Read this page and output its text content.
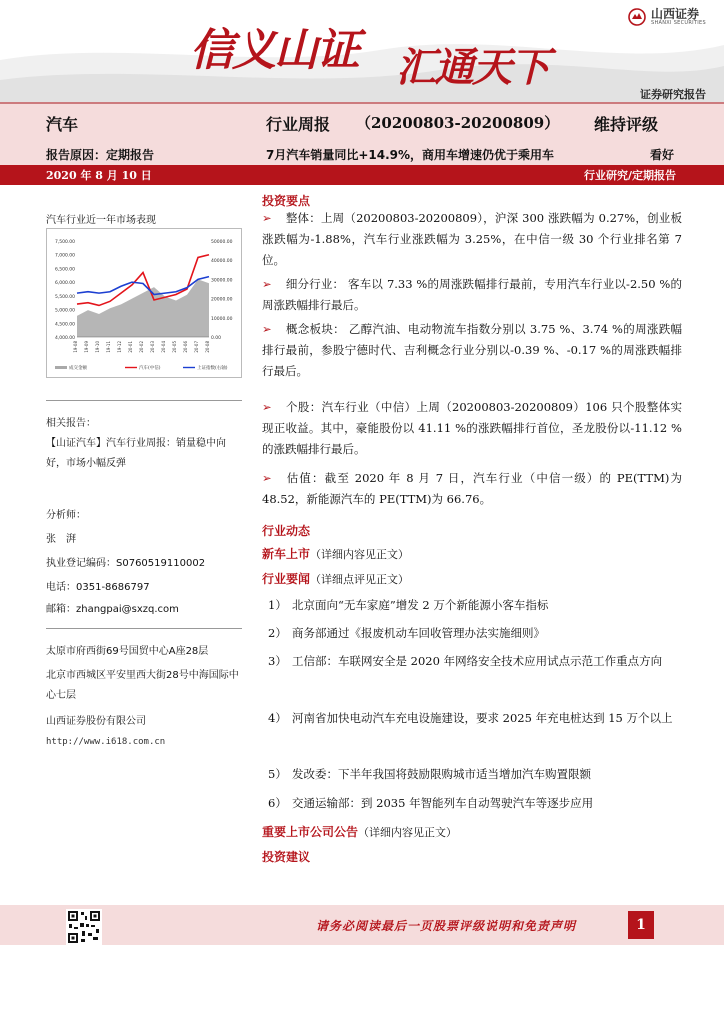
信义山证 汇通天下
山西证券
SHANXI SECURITIES
证券研究报告
汽车	行业周报 （20200803-20200809） 维持评级
报告原因：定期报告	7月汽车销量同比+14.9%，商用车增速仍优于乘用车	看好
2020 年 8 月 10 日	行业研究/定期报告
汽车行业近一年市场表现
4,000.00
4,500.00
5,000.00
5,500.00
6,000.00
6,500.00
7,000.00
7,500.00
0.00
10000.00
20000.00
30000.00
40000.00
50000.00
19-08 19-09 19-10 19-11 19-12 20-01 20-02 20-03 20-04 20-05 20-06 20-07 20-08
成交金额	汽车(中信)	上证指数(右轴)
相关报告：
【山证汽车】汽车行业周报：销量稳中向好，市场小幅反弹
分析师：
张　湃
执业登记编码：S0760519110002
电话：0351-8686797
邮箱：zhangpai@sxzq.com
太原市府西街69号国贸中心A座28层
北京市西城区平安里西大街28号中海国际中心七层
山西证券股份有限公司
http://www.i618.com.cn
投资要点
➢ 整体：上周（20200803-20200809），沪深 300 涨跌幅为 0.27%，创业板涨跌幅为-1.88%，汽车行业涨跌幅为 3.25%，在中信一级 30 个行业排名第 7 位。
➢ 细分行业： 客车以 7.33 %的周涨跌幅排行最前，专用汽车行业以-2.50 %的周涨跌幅排行最后。
➢ 概念板块： 乙醇汽油、电动物流车指数分别以 3.75 %、3.74 %的周涨跌幅排行最前，参股宁德时代、吉利概念行业分别以-0.39 %、-0.17 %的周涨跌幅排行最后。
➢ 个股：汽车行业（中信）上周（20200803-20200809）106 只个股整体实现正收益。其中，豪能股份以 41.11 %的涨跌幅排行首位，圣龙股份以-11.12 %的涨跌幅排行最后。
➢ 估值：截至 2020 年 8 月 7 日，汽车行业（中信一级）的 PE(TTM)为 48.52，新能源汽车的 PE(TTM)为 66.76。
行业动态
新车上市（详细内容见正文）
行业要闻（详细点评见正文）
1） 北京面向“无车家庭”增发 2 万个新能源小客车指标
2） 商务部通过《报废机动车回收管理办法实施细则》
3） 工信部：车联网安全是 2020 年网络安全技术应用试点示范工作重点方向
4） 河南省加快电动汽车充电设施建设，要求 2025 年充电桩达到 15 万个以上
5） 发改委：下半年我国将鼓励限购城市适当增加汽车购置限额
6） 交通运输部：到 2035 年智能列车自动驾驶汽车等逐步应用
重要上市公司公告（详细内容见正文）
投资建议
请务必阅读最后一页股票评级说明和免责声明	1
